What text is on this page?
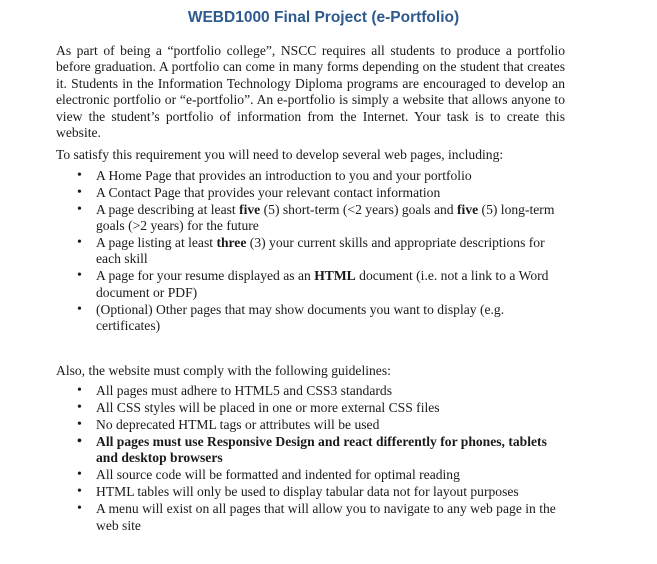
WEBD1000 Final Project (e-Portfolio)

As part of being a “portfolio college”, NSCC requires all students to produce a portfolio before graduation. A portfolio can come in many forms depending on the student that creates it. Students in the Information Technology Diploma programs are encouraged to develop an electronic portfolio or “e-portfolio”. An e-portfolio is simply a website that allows anyone to view the student’s portfolio of information from the Internet. Your task is to create this website.

To satisfy this requirement you will need to develop several web pages, including:

• A Home Page that provides an introduction to you and your portfolio
• A Contact Page that provides your relevant contact information
• A page describing at least five (5) short-term (<2 years) goals and five (5) long-term goals (>2 years) for the future
• A page listing at least three (3) your current skills and appropriate descriptions for each skill
• A page for your resume displayed as an HTML document (i.e. not a link to a Word document or PDF)
• (Optional) Other pages that may show documents you want to display (e.g. certificates)

Also, the website must comply with the following guidelines:

• All pages must adhere to HTML5 and CSS3 standards
• All CSS styles will be placed in one or more external CSS files
• No deprecated HTML tags or attributes will be used
• All pages must use Responsive Design and react differently for phones, tablets and desktop browsers
• All source code will be formatted and indented for optimal reading
• HTML tables will only be used to display tabular data not for layout purposes
• A menu will exist on all pages that will allow you to navigate to any web page in the web site
